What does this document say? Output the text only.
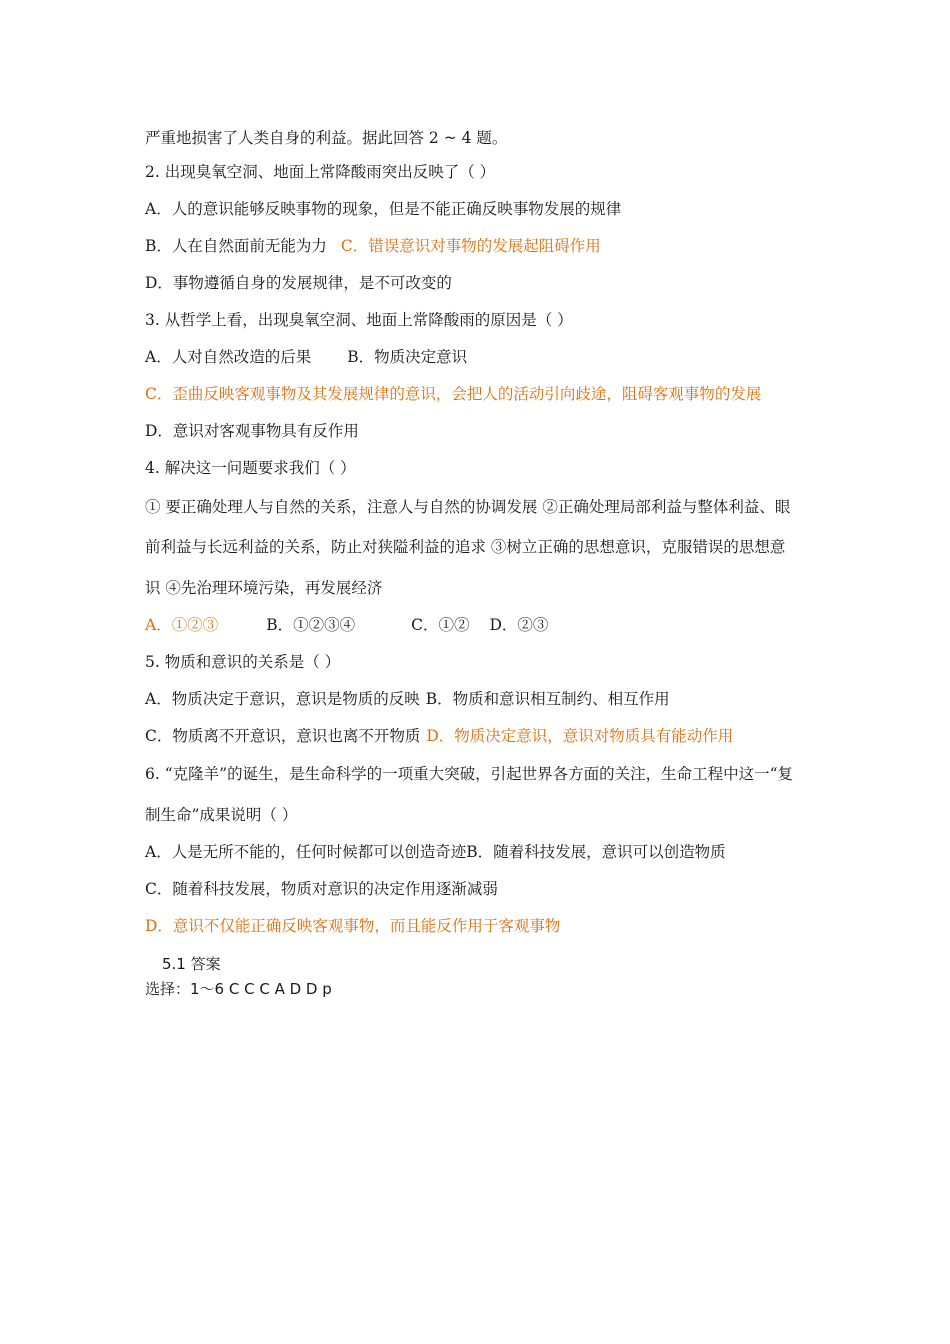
严重地损害了人类自身的利益。据此回答 2 ~ 4 题。
2. 出现臭氧空洞、地面上常降酸雨突出反映了（ ）
A．人的意识能够反映事物的现象，但是不能正确反映事物发展的规律
B．人在自然面前无能为力 C．错误意识对事物的发展起阻碍作用
D．事物遵循自身的发展规律，是不可改变的
3. 从哲学上看，出现臭氧空洞、地面上常降酸雨的原因是（ ）
A．人对自然改造的后果 B．物质决定意识
C．歪曲反映客观事物及其发展规律的意识，会把人的活动引向歧途，阻碍客观事物的发展
D．意识对客观事物具有反作用
4. 解决这一问题要求我们（ ）
① 要正确处理人与自然的关系，注意人与自然的协调发展 ②正确处理局部利益与整体利益、眼
前利益与长远利益的关系，防止对狭隘利益的追求 ③树立正确的思想意识，克服错误的思想意
识 ④先治理环境污染，再发展经济
A．①②③	B．①②③④	C．①② D．②③
5. 物质和意识的关系是（ ）
A．物质决定于意识，意识是物质的反映 B．物质和意识相互制约、相互作用
C．物质离不开意识，意识也离不开物质 D．物质决定意识，意识对物质具有能动作用
6. “克隆羊”的诞生，是生命科学的一项重大突破，引起世界各方面的关注，生命工程中这一“复
制生命”成果说明（ ）
A．人是无所不能的，任何时候都可以创造奇迹B．随着科技发展，意识可以创造物质
C．随着科技发展，物质对意识的决定作用逐渐减弱
D．意识不仅能正确反映客观事物，而且能反作用于客观事物
5.1 答案
选择：1～6 C C C A D D p
